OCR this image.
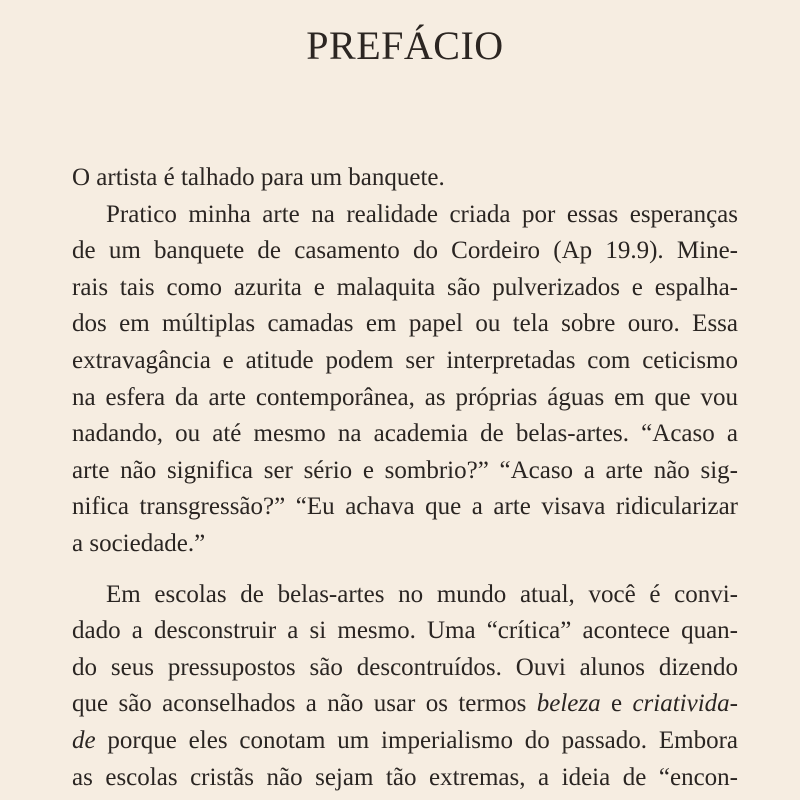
PREFÁCIO
O artista é talhado para um banquete.
Pratico minha arte na realidade criada por essas esperanças
de um banquete de casamento do Cordeiro (Ap 19.9). Mine-
rais tais como azurita e malaquita são pulverizados e espalha-
dos em múltiplas camadas em papel ou tela sobre ouro. Essa
extravagância e atitude podem ser interpretadas com ceticismo
na esfera da arte contemporânea, as próprias águas em que vou
nadando, ou até mesmo na academia de belas-artes. “Acaso a
arte não significa ser sério e sombrio?” “Acaso a arte não sig-
nifica transgressão?” “Eu achava que a arte visava ridicularizar
a sociedade.”
Em escolas de belas-artes no mundo atual, você é convi-
dado a desconstruir a si mesmo. Uma “crítica” acontece quan-
do seus pressupostos são descontruídos. Ouvi alunos dizendo
que são aconselhados a não usar os termos beleza e criativida-
de porque eles conotam um imperialismo do passado. Embora
as escolas cristãs não sejam tão extremas, a ideia de “encon-
